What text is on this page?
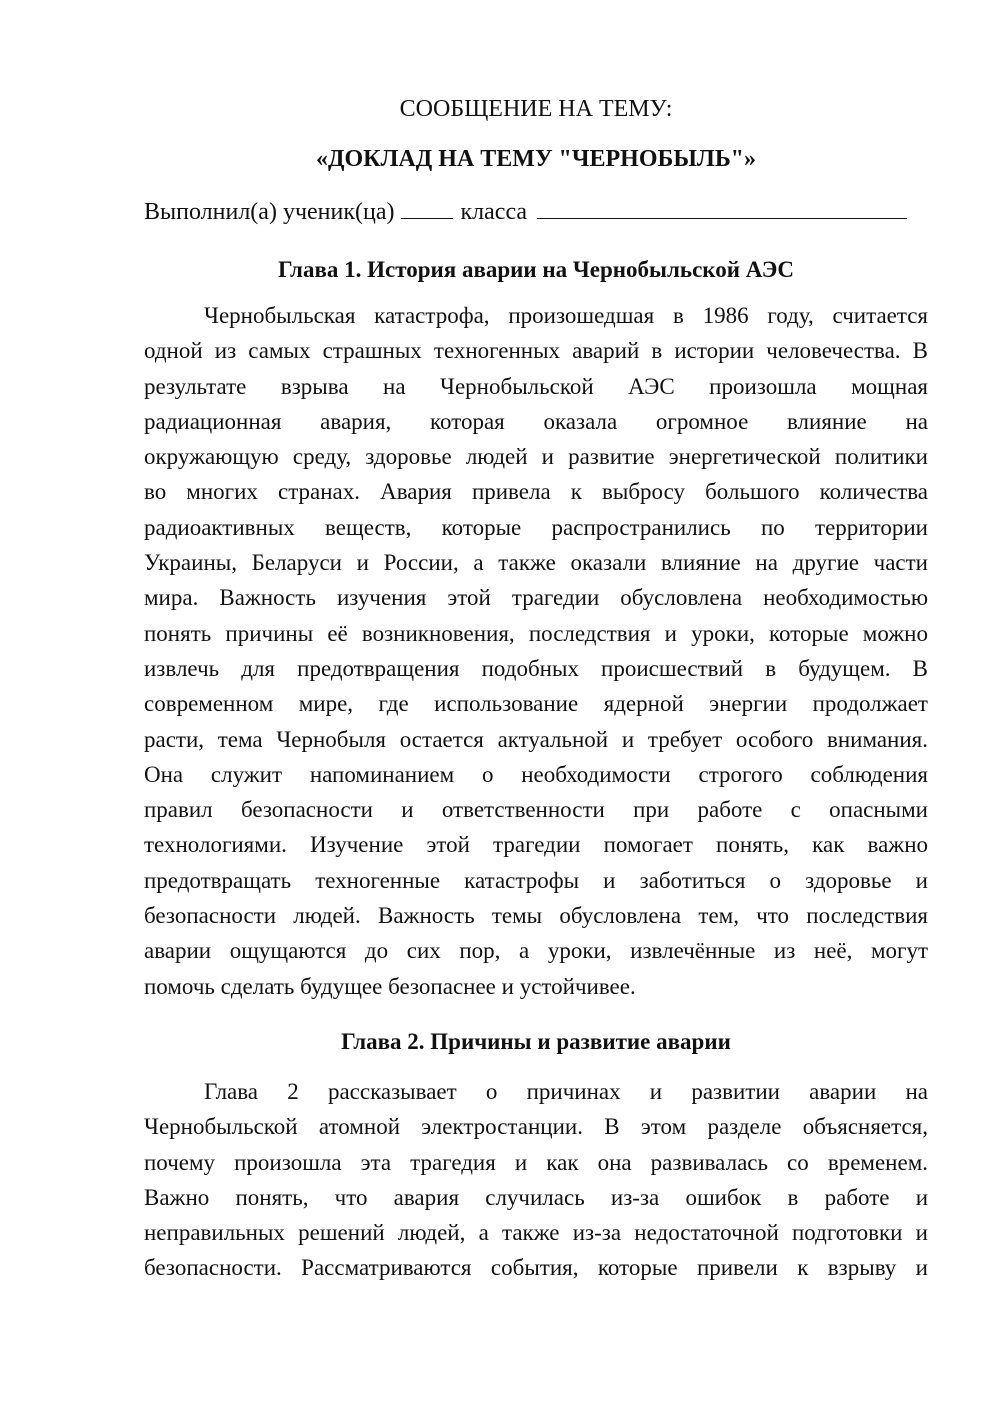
СООБЩЕНИЕ НА ТЕМУ:
«ДОКЛАД НА ТЕМУ "ЧЕРНОБЫЛЬ"»
Выполнил(а) ученик(ца)	класса
Глава 1. История аварии на Чернобыльской АЭС
Чернобыльская катастрофа, произошедшая в 1986 году, считается
одной из самых страшных техногенных аварий в истории человечества. В
результате взрыва на Чернобыльской АЭС произошла мощная
радиационная авария, которая оказала огромное влияние на
окружающую среду, здоровье людей и развитие энергетической политики
во многих странах. Авария привела к выбросу большого количества
радиоактивных веществ, которые распространились по территории
Украины, Беларуси и России, а также оказали влияние на другие части
мира. Важность изучения этой трагедии обусловлена необходимостью
понять причины её возникновения, последствия и уроки, которые можно
извлечь для предотвращения подобных происшествий в будущем. В
современном мире, где использование ядерной энергии продолжает
расти, тема Чернобыля остается актуальной и требует особого внимания.
Она служит напоминанием о необходимости строгого соблюдения
правил безопасности и ответственности при работе с опасными
технологиями. Изучение этой трагедии помогает понять, как важно
предотвращать техногенные катастрофы и заботиться о здоровье и
безопасности людей. Важность темы обусловлена тем, что последствия
аварии ощущаются до сих пор, а уроки, извлечённые из неё, могут
помочь сделать будущее безопаснее и устойчивее.
Глава 2. Причины и развитие аварии
Глава 2 рассказывает о причинах и развитии аварии на
Чернобыльской атомной электростанции. В этом разделе объясняется,
почему произошла эта трагедия и как она развивалась со временем.
Важно понять, что авария случилась из-за ошибок в работе и
неправильных решений людей, а также из-за недостаточной подготовки и
безопасности. Рассматриваются события, которые привели к взрыву и
